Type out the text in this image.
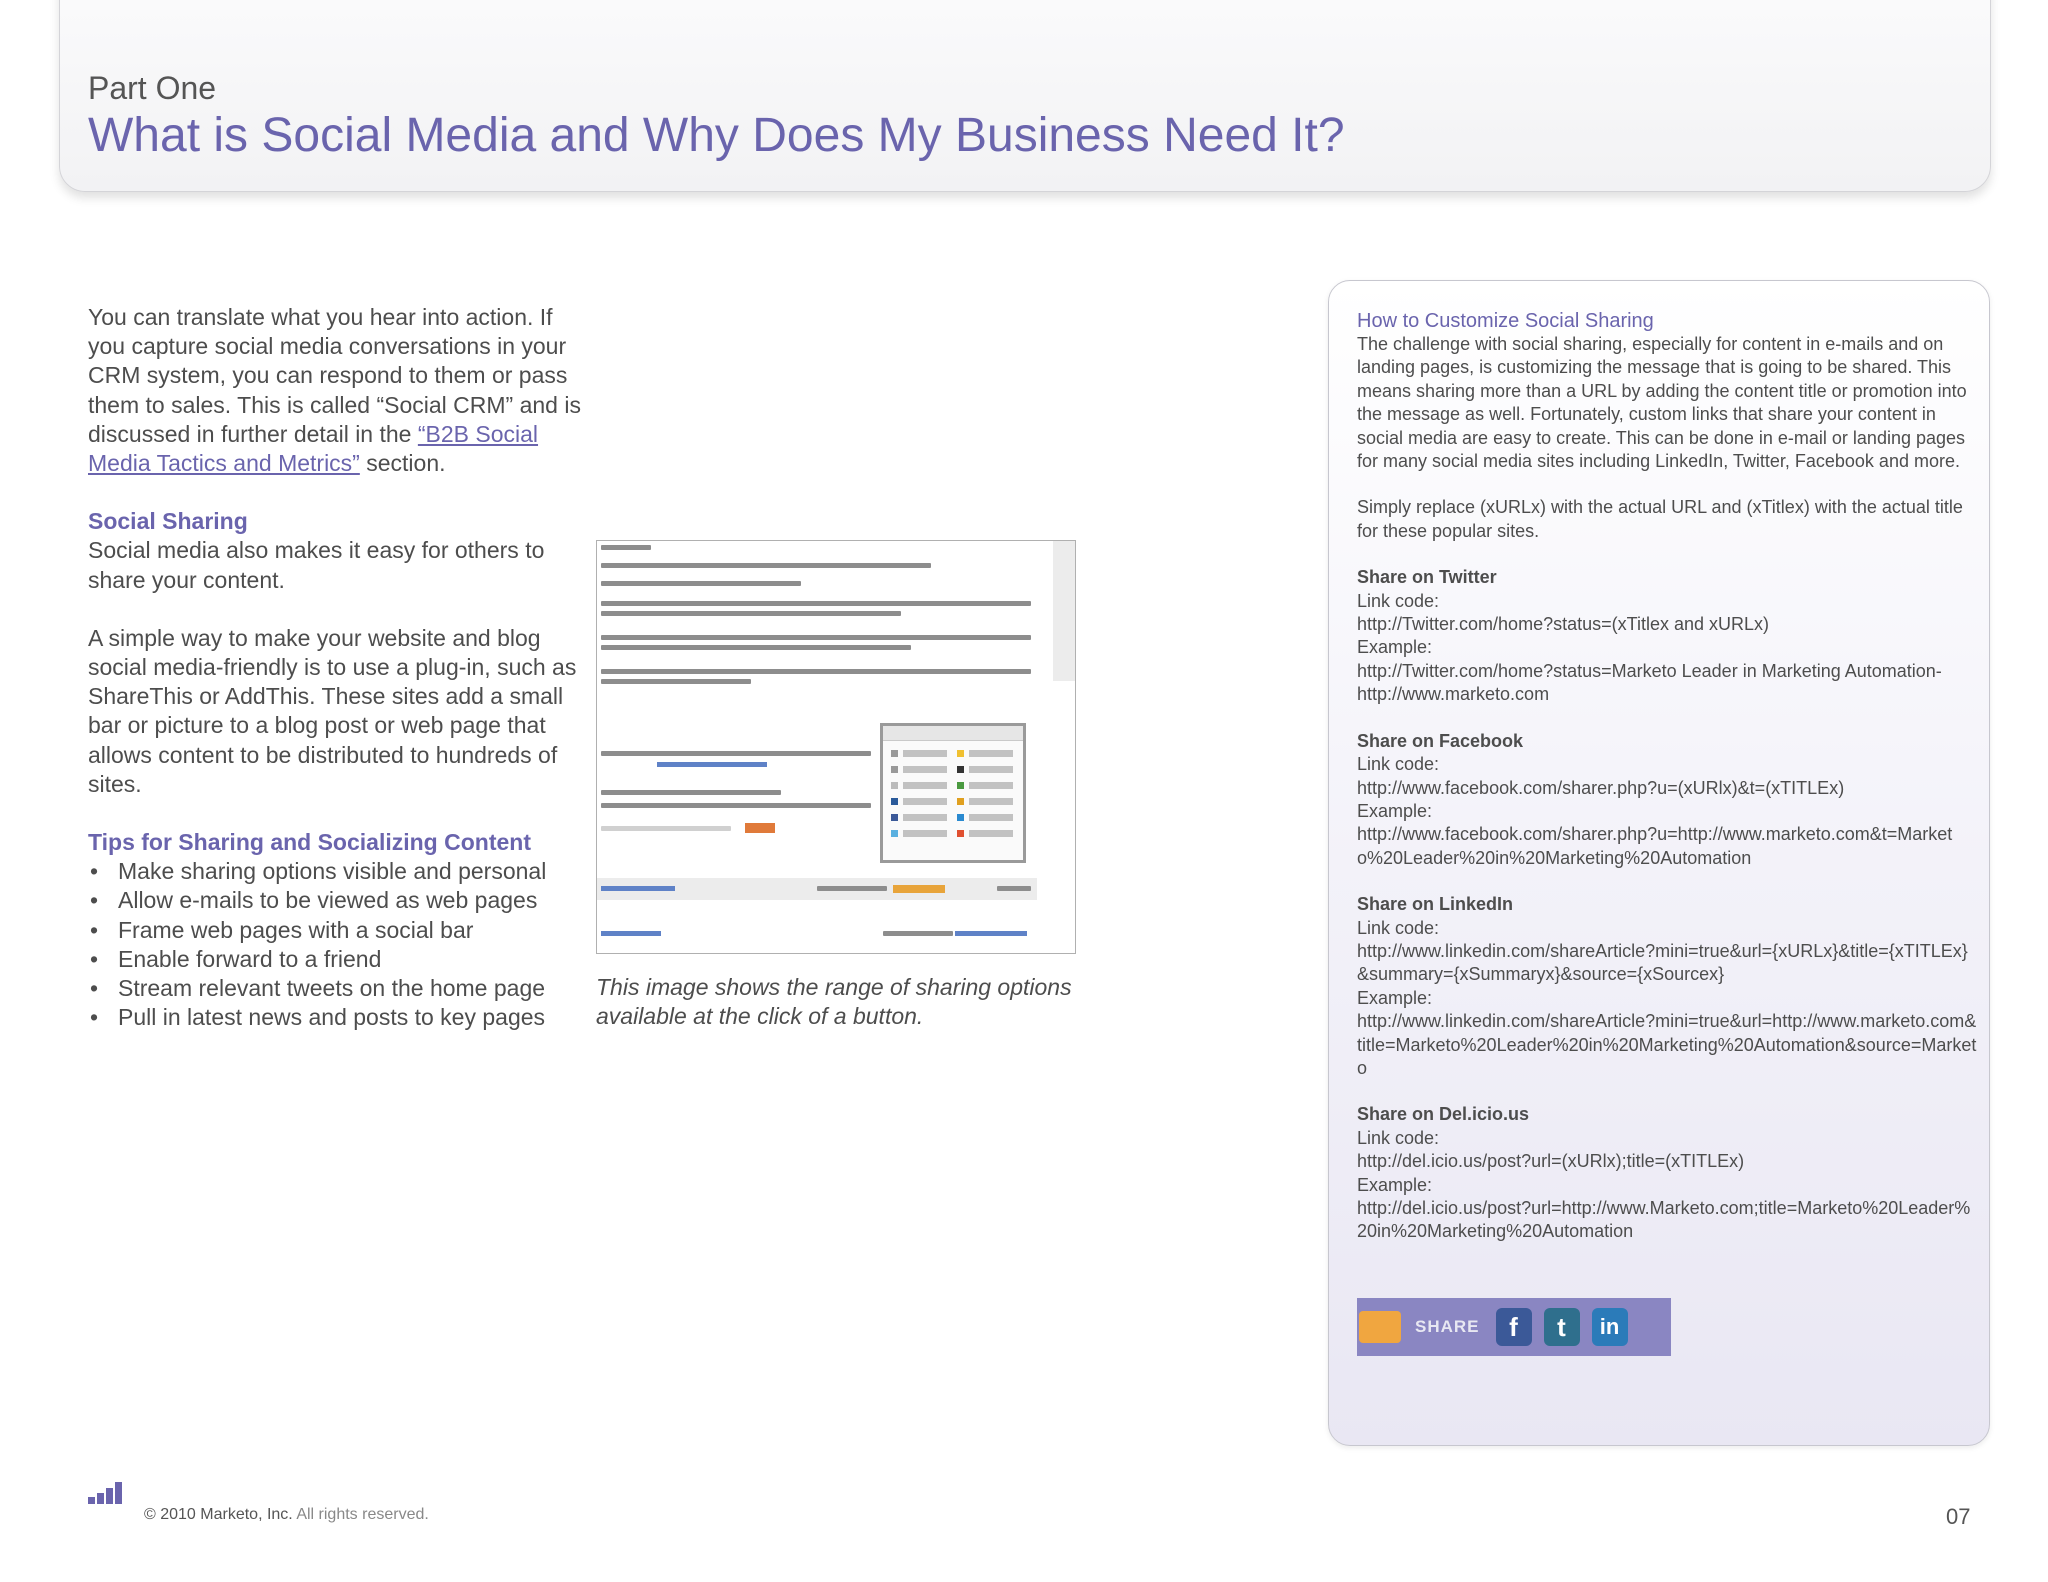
Part One
What is Social Media and Why Does My Business Need It?

You can translate what you hear into action. If you capture social media conversations in your CRM system, you can respond to them or pass them to sales. This is called “Social CRM” and is discussed in further detail in the “B2B Social Media Tactics and Metrics” section.

Social Sharing

Social media also makes it easy for others to share your content.

A simple way to make your website and blog social media-friendly is to use a plug-in, such as ShareThis or AddThis. These sites add a small bar or picture to a blog post or web page that allows content to be distributed to hundreds of sites.

Tips for Sharing and Socializing Content

• Make sharing options visible and personal
• Allow e-mails to be viewed as web pages
• Frame web pages with a social bar
• Enable forward to a friend
• Stream relevant tweets on the home page
• Pull in latest news and posts to key pages
This image shows the range of sharing options available at the click of a button.

How to Customize Social Sharing

The challenge with social sharing, especially for content in e-mails and on landing pages, is customizing the message that is going to be shared. This means sharing more than a URL by adding the content title or promotion into the message as well. Fortunately, custom links that share your content in social media are easy to create. This can be done in e-mail or landing pages for many social media sites including LinkedIn, Twitter, Facebook and more.

Simply replace (xURLx) with the actual URL and (xTitlex) with the actual title for these popular sites.

Share on Twitter

Link code:

http://Twitter.com/home?status=(xTitlex and xURLx)

Example:

http://Twitter.com/home?status=Marketo Leader in Marketing Automation- http://www.marketo.com

Share on Facebook

Link code:

http://www.facebook.com/sharer.php?u=(xURlx)&t=(xTITLEx)

Example:

http://www.facebook.com/sharer.php?u=http://www.marketo.com&t=Marketo%20Leader%20in%20Marketing%20Automation

Share on LinkedIn

Link code:

http://www.linkedin.com/shareArticle?mini=true&url={xURLx}&title={xTITLEx}&summary={xSummaryx}&source={xSourcex}

Example:

http://www.linkedin.com/shareArticle?mini=true&url=http://www.marketo.com&title=Marketo%20Leader%20in%20Marketing%20Automation&source=Marketo

Share on Del.icio.us

Link code:

http://del.icio.us/post?url=(xURlx);title=(xTITLEx)

Example:

http://del.icio.us/post?url=http://www.Marketo.com;title=Marketo%20Leader%20in%20Marketing%20Automation

SHARE	f	t	in
© 2010 Marketo, Inc. All rights reserved.	07
